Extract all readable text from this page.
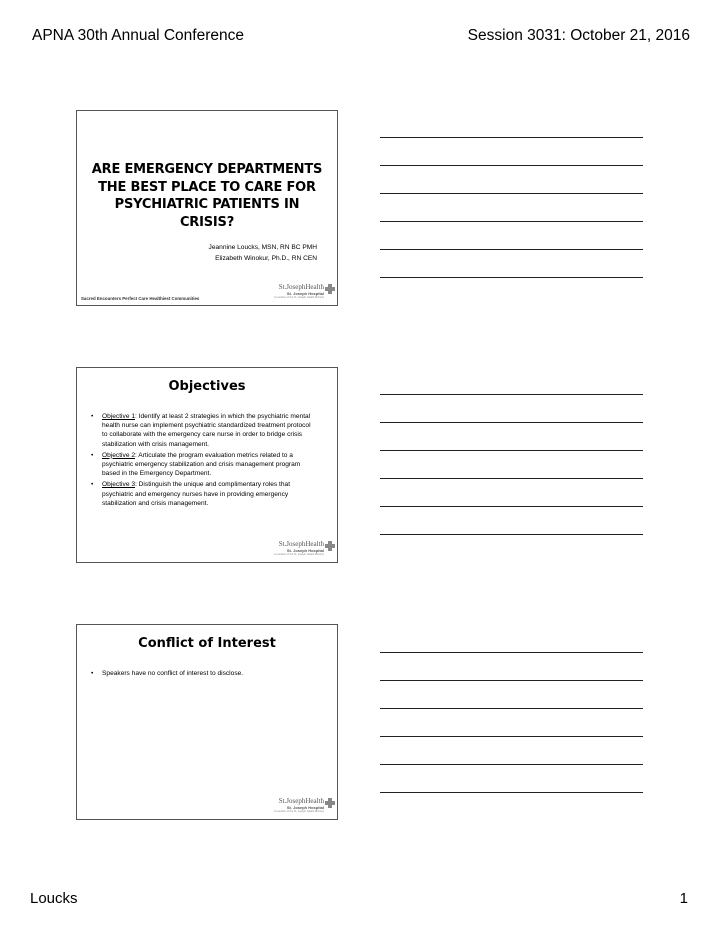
APNA 30th Annual Conference	Session 3031: October 21, 2016
ARE EMERGENCY DEPARTMENTS
THE BEST PLACE TO CARE FOR
PSYCHIATRIC PATIENTS IN
CRISIS?
Jeannine Loucks, MSN, RN BC PMH
Elizabeth Winokur, Ph.D., RN CEN
Sacred Encounters Perfect Care Healthiest Communities
St.JosephHealth
St. Joseph Hospital
A member of the St. Joseph Health Ministry
Objectives
• Objective 1: Identify at least 2 strategies in which the psychiatric mental health nurse can implement psychiatric standardized treatment protocol to collaborate with the emergency care nurse in order to bridge crisis stabilization with crisis management.
• Objective 2: Articulate the program evaluation metrics related to a psychiatric emergency stabilization and crisis management program based in the Emergency Department.
• Objective 3: Distinguish the unique and complimentary roles that psychiatric and emergency nurses have in providing emergency stabilization and crisis management.
St.JosephHealth
St. Joseph Hospital
A member of the St. Joseph Health Ministry
Conflict of Interest
• Speakers have no conflict of interest to disclose.
St.JosephHealth
St. Joseph Hospital
A member of the St. Joseph Health Ministry
Loucks	1
